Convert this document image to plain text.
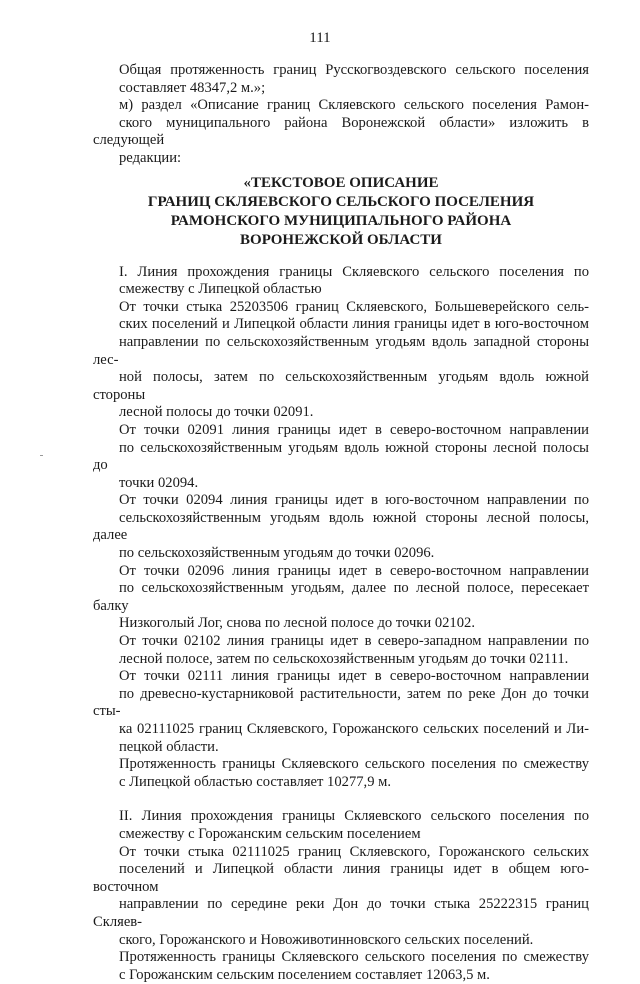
111
Общая протяженность границ Русскогвоздевского сельского поселения
составляет 48347,2 м.»;
м) раздел «Описание границ Скляевского сельского поселения Рамон-
ского муниципального района Воронежской области» изложить в следующей
редакции:
«ТЕКСТОВОЕ ОПИСАНИЕ
ГРАНИЦ СКЛЯЕВСКОГО СЕЛЬСКОГО ПОСЕЛЕНИЯ
РАМОНСКОГО МУНИЦИПАЛЬНОГО РАЙОНА
ВОРОНЕЖСКОЙ ОБЛАСТИ
I. Линия прохождения границы Скляевского сельского поселения по
смежеству с Липецкой областью
От точки стыка 25203506 границ Скляевского, Большеверейского сель-
ских поселений и Липецкой области линия границы идет в юго-восточном
направлении по сельскохозяйственным угодьям вдоль западной стороны лес-
ной полосы, затем по сельскохозяйственным угодьям вдоль южной стороны
лесной полосы до точки 02091.
От точки 02091 линия границы идет в северо-восточном направлении
по сельскохозяйственным угодьям вдоль южной стороны лесной полосы до
точки 02094.
От точки 02094 линия границы идет в юго-восточном направлении по
сельскохозяйственным угодьям вдоль южной стороны лесной полосы, далее
по сельскохозяйственным угодьям до точки 02096.
От точки 02096 линия границы идет в северо-восточном направлении
по сельскохозяйственным угодьям, далее по лесной полосе, пересекает балку
Низкоголый Лог, снова по лесной полосе до точки 02102.
От точки 02102 линия границы идет в северо-западном направлении по
лесной полосе, затем по сельскохозяйственным угодьям до точки 02111.
От точки 02111 линия границы идет в северо-восточном направлении
по древесно-кустарниковой растительности, затем по реке Дон до точки сты-
ка 02111025 границ Скляевского, Горожанского сельских поселений и Ли-
пецкой области.
Протяженность границы Скляевского сельского поселения по смежеству
с Липецкой областью составляет 10277,9 м.
II. Линия прохождения границы Скляевского сельского поселения по
смежеству с Горожанским сельским поселением
От точки стыка 02111025 границ Скляевского, Горожанского сельских
поселений и Липецкой области линия границы идет в общем юго-восточном
направлении по середине реки Дон до точки стыка 25222315 границ Скляев-
ского, Горожанского и Новоживотинновского сельских поселений.
Протяженность границы Скляевского сельского поселения по смежеству
с Горожанским сельским поселением составляет 12063,5 м.
